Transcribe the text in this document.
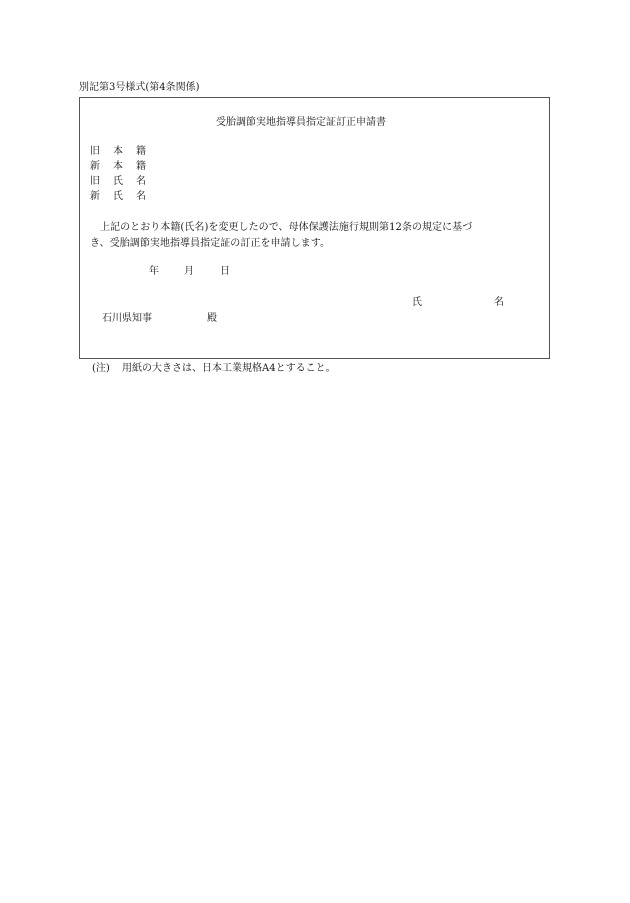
別記第3号様式(第4条関係)
受胎調節実地指導員指定証訂正申請書
旧 本 籍
新 本 籍
旧 氏 名
新 氏 名
上記のとおり本籍(氏名)を変更したので、母体保護法施行規則第12条の規定に基づ
き、受胎調節実地指導員指定証の訂正を申請します。
年	月	日
氏	名
石川県知事	殿
(注) 用紙の大きさは、日本工業規格A4とすること。
